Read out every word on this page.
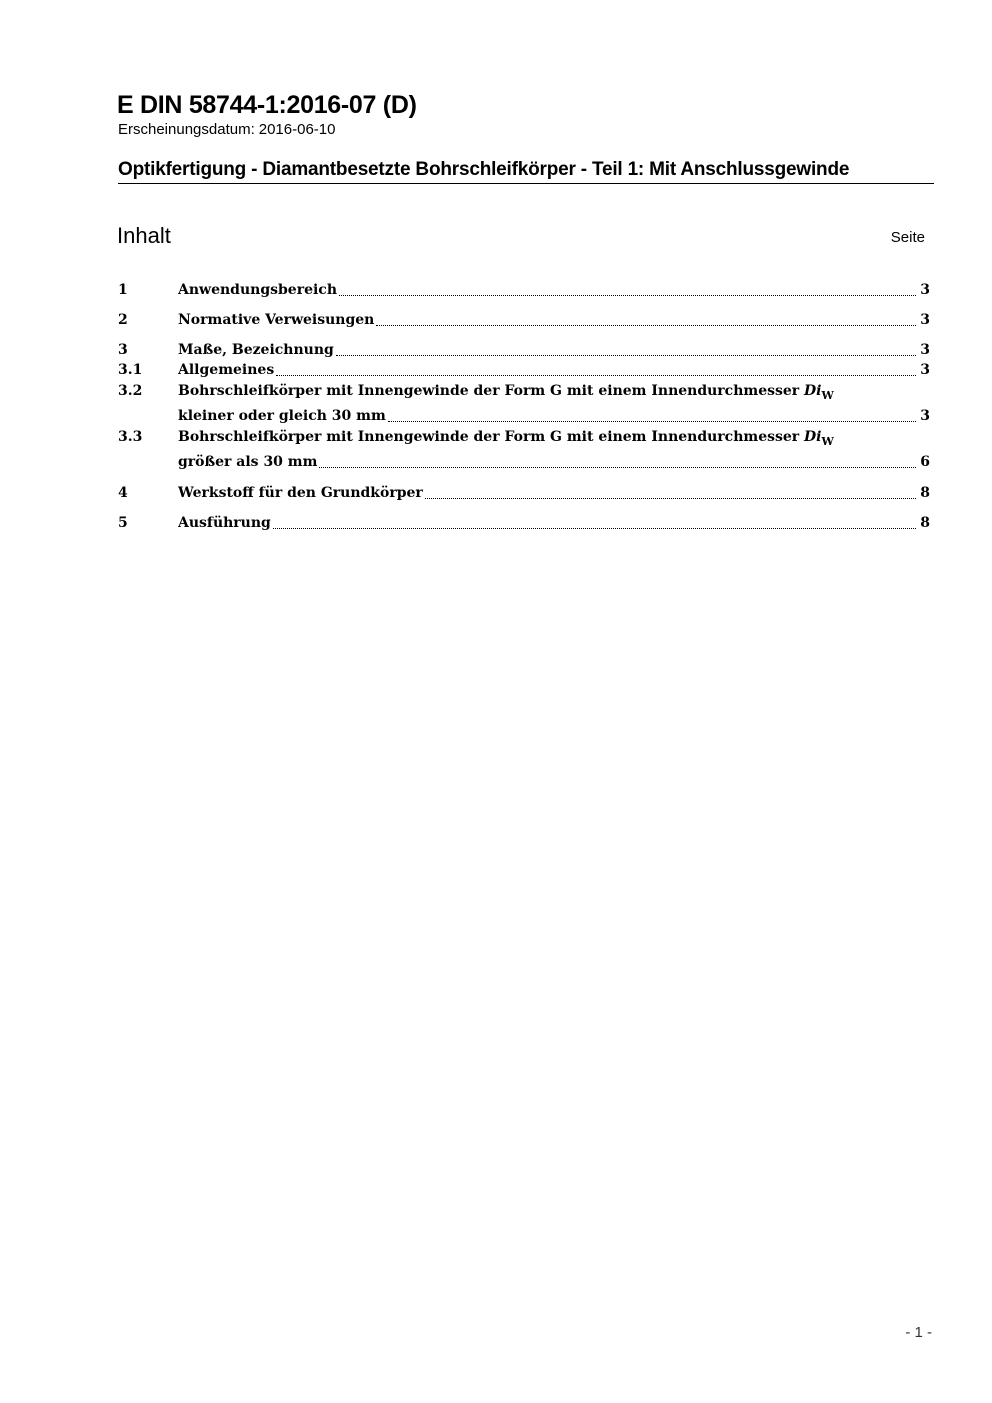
E DIN 58744-1:2016-07 (D)
Erscheinungsdatum: 2016-06-10
Optikfertigung - Diamantbesetzte Bohrschleifkörper - Teil 1: Mit Anschlussgewinde
Inhalt	Seite
1	Anwendungsbereich	3
2	Normative Verweisungen	3
3	Maße, Bezeichnung	3
3.1	Allgemeines	3
3.2	Bohrschleifkörper mit Innengewinde der Form G mit einem Innendurchmesser $Di_W$
kleiner oder gleich 30 mm	3
3.3	Bohrschleifkörper mit Innengewinde der Form G mit einem Innendurchmesser $Di_W$
größer als 30 mm	6
4	Werkstoff für den Grundkörper	8
5	Ausführung	8
- 1 -
